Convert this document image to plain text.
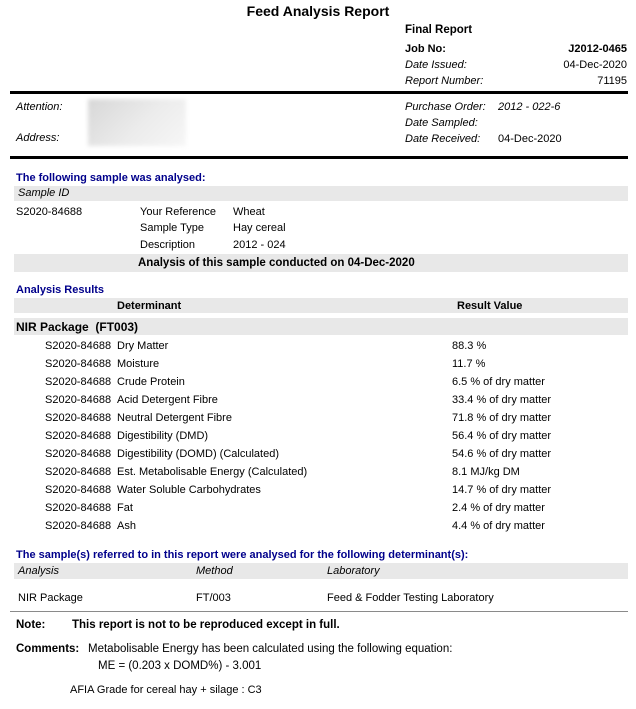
Feed Analysis Report
Final Report
Job No:	J2012-0465
Date Issued:	04-Dec-2020
Report Number:	71195
Attention:
Address:
Purchase Order: 2012 - 022-6
Date Sampled:
Date Received: 04-Dec-2020
The following sample was analysed:
Sample ID
S2020-84688	Your Reference Wheat
Sample Type	Hay cereal
Description	2012 - 024
Analysis of this sample conducted on 04-Dec-2020
Analysis Results
Determinant	Result Value
NIR Package  (FT003)
S2020-84688 Dry Matter	88.3 %
S2020-84688 Moisture	11.7 %
S2020-84688 Crude Protein	6.5 % of dry matter
S2020-84688 Acid Detergent Fibre	33.4 % of dry matter
S2020-84688 Neutral Detergent Fibre	71.8 % of dry matter
S2020-84688 Digestibility (DMD)	56.4 % of dry matter
S2020-84688 Digestibility (DOMD) (Calculated)	54.6 % of dry matter
S2020-84688 Est. Metabolisable Energy (Calculated)	8.1 MJ/kg DM
S2020-84688 Water Soluble Carbohydrates	14.7 % of dry matter
S2020-84688 Fat	2.4 % of dry matter
S2020-84688 Ash	4.4 % of dry matter
The sample(s) referred to in this report were analysed for the following determinant(s):
Analysis	Method	Laboratory
NIR Package	FT/003	Feed & Fodder Testing Laboratory
Note: This report is not to be reproduced except in full.
Comments: Metabolisable Energy has been calculated using the following equation:
ME = (0.203 x DOMD%) - 3.001
AFIA Grade for cereal hay + silage : C3
